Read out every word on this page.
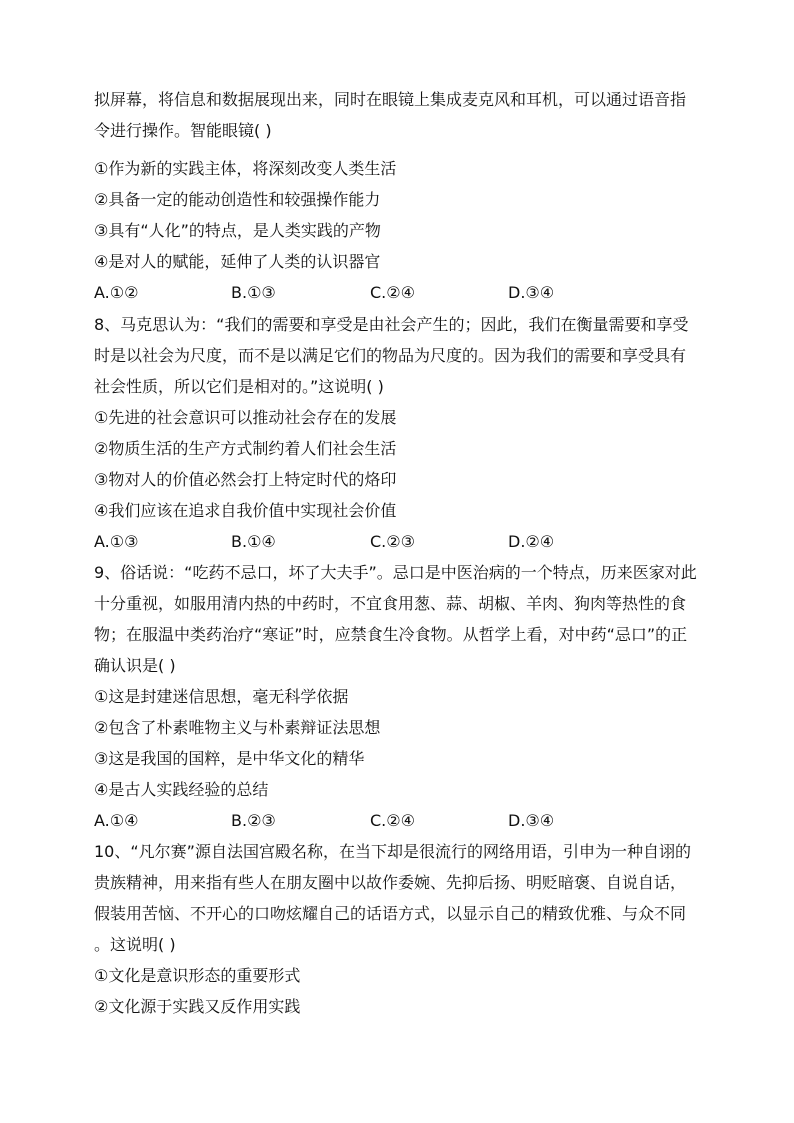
拟屏幕，将信息和数据展现出来，同时在眼镜上集成麦克风和耳机，可以通过语音指
令进行操作。智能眼镜( )
①作为新的实践主体，将深刻改变人类生活
②具备一定的能动创造性和较强操作能力
③具有“人化”的特点，是人类实践的产物
④是对人的赋能，延伸了人类的认识器官
A.①②	B.①③	C.②④	D.③④
8、马克思认为：“我们的需要和享受是由社会产生的；因此，我们在衡量需要和享受
时是以社会为尺度，而不是以满足它们的物品为尺度的。因为我们的需要和享受具有
社会性质，所以它们是相对的。”这说明( )
①先进的社会意识可以推动社会存在的发展
②物质生活的生产方式制约着人们社会生活
③物对人的价值必然会打上特定时代的烙印
④我们应该在追求自我价值中实现社会价值
A.①③	B.①④	C.②③	D.②④
9、俗话说：“吃药不忌口，坏了大夫手”。忌口是中医治病的一个特点，历来医家对此
十分重视，如服用清内热的中药时，不宜食用葱、蒜、胡椒、羊肉、狗肉等热性的食
物；在服温中类药治疗“寒证”时，应禁食生冷食物。从哲学上看，对中药“忌口”的正
确认识是( )
①这是封建迷信思想，毫无科学依据
②包含了朴素唯物主义与朴素辩证法思想
③这是我国的国粹，是中华文化的精华
④是古人实践经验的总结
A.①④	B.②③	C.②④	D.③④
10、“凡尔赛”源自法国宫殿名称，在当下却是很流行的网络用语，引申为一种自诩的
贵族精神，用来指有些人在朋友圈中以故作委婉、先抑后扬、明贬暗褒、自说自话，
假装用苦恼、不开心的口吻炫耀自己的话语方式，以显示自己的精致优雅、与众不同
。这说明( )
①文化是意识形态的重要形式
②文化源于实践又反作用实践
